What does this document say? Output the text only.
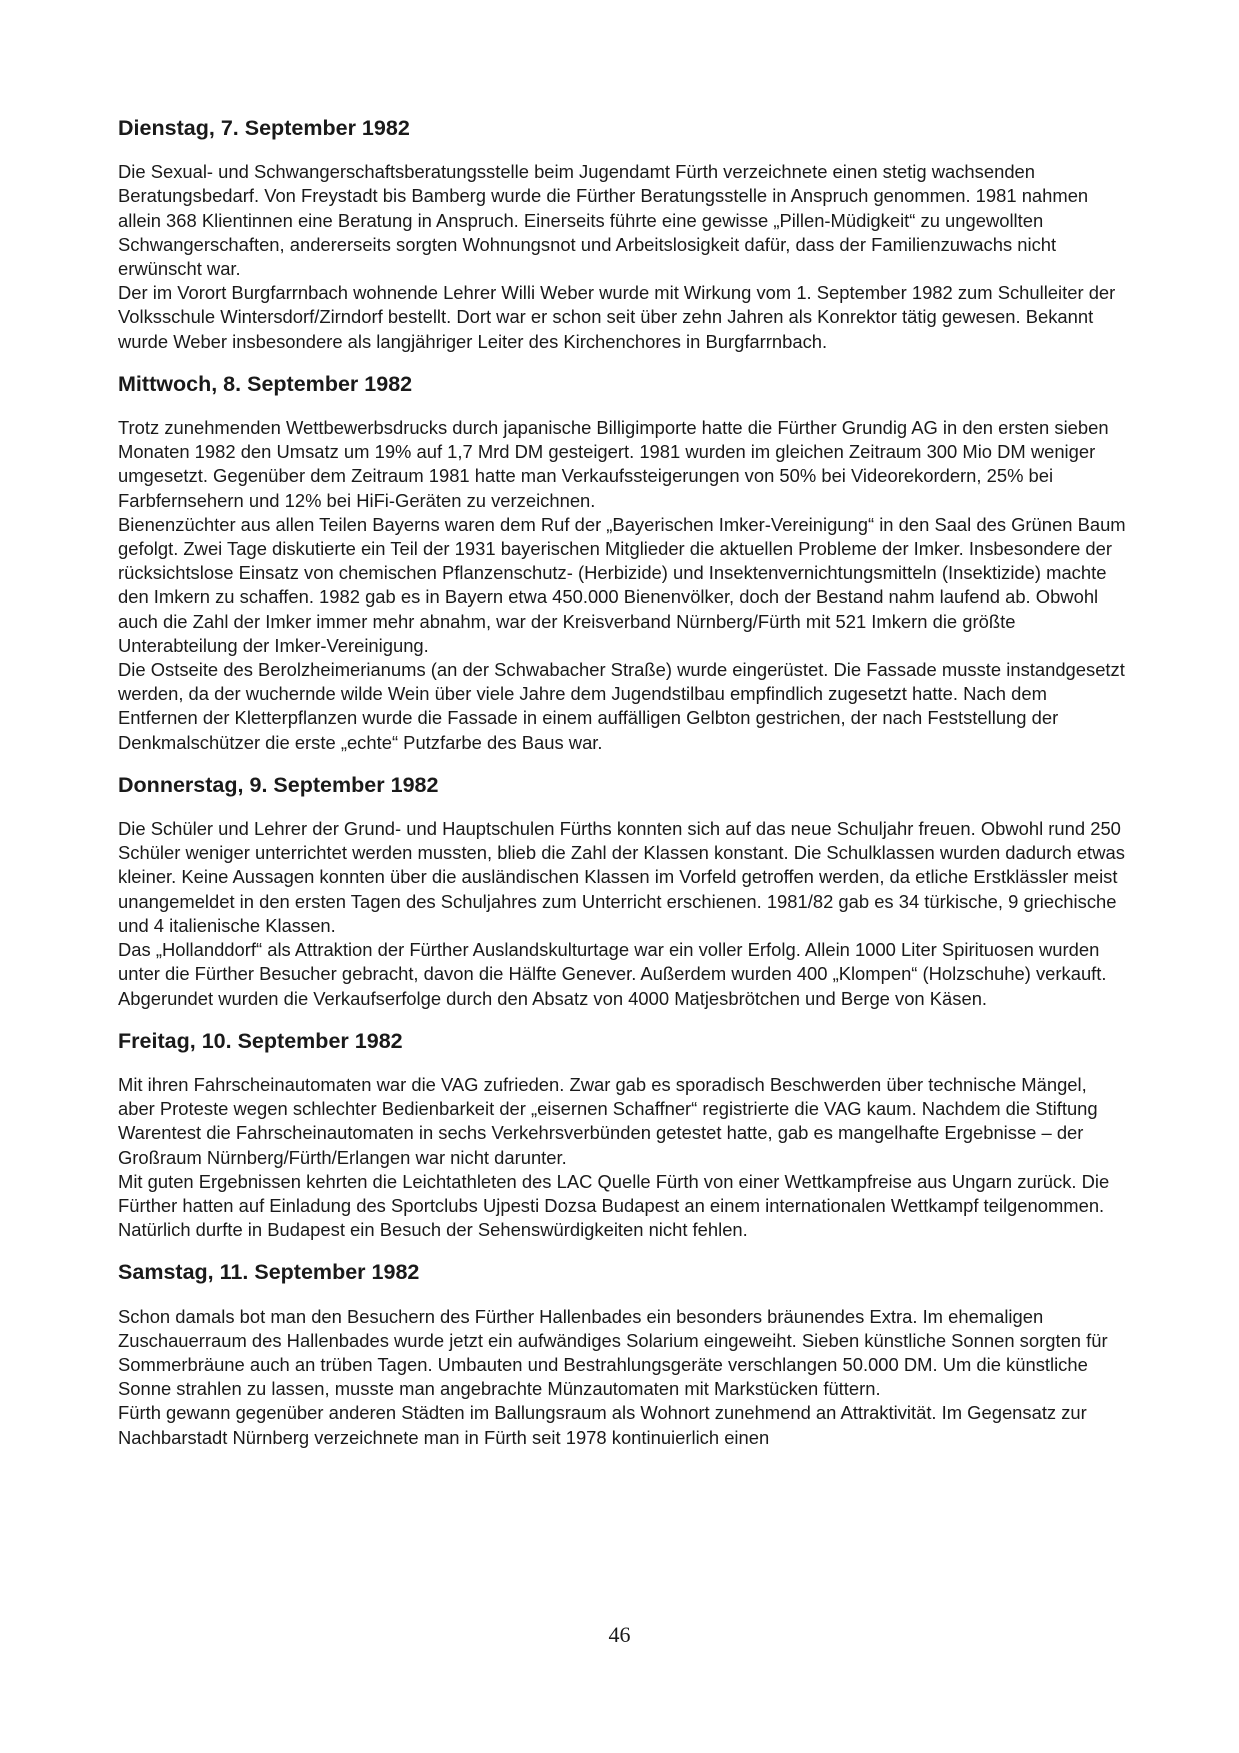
Dienstag, 7. September 1982

Die Sexual- und Schwangerschaftsberatungsstelle beim Jugendamt Fürth verzeichnete einen stetig wachsenden Beratungsbedarf. Von Freystadt bis Bamberg wurde die Fürther Beratungsstelle in Anspruch genommen. 1981 nahmen allein 368 Klientinnen eine Beratung in Anspruch. Einerseits führte eine gewisse „Pillen-Müdigkeit“ zu ungewollten Schwangerschaften, andererseits sorgten Wohnungsnot und Arbeitslosigkeit dafür, dass der Familienzuwachs nicht erwünscht war.

Der im Vorort Burgfarrnbach wohnende Lehrer Willi Weber wurde mit Wirkung vom 1. September 1982 zum Schulleiter der Volksschule Wintersdorf/Zirndorf bestellt. Dort war er schon seit über zehn Jahren als Konrektor tätig gewesen. Bekannt wurde Weber insbesondere als langjähriger Leiter des Kirchenchores in Burgfarrnbach.

Mittwoch, 8. September 1982

Trotz zunehmenden Wettbewerbsdrucks durch japanische Billigimporte hatte die Fürther Grundig AG in den ersten sieben Monaten 1982 den Umsatz um 19% auf 1,7 Mrd DM gesteigert. 1981 wurden im gleichen Zeitraum 300 Mio DM weniger umgesetzt. Gegenüber dem Zeitraum 1981 hatte man Verkaufssteigerungen von 50% bei Videorekordern, 25% bei Farbfernsehern und 12% bei HiFi-Geräten zu verzeichnen.

Bienenzüchter aus allen Teilen Bayerns waren dem Ruf der „Bayerischen Imker-Vereinigung“ in den Saal des Grünen Baum gefolgt. Zwei Tage diskutierte ein Teil der 1931 bayerischen Mitglieder die aktuellen Probleme der Imker. Insbesondere der rücksichtslose Einsatz von chemischen Pflanzenschutz- (Herbizide) und Insektenvernichtungsmitteln (Insektizide) machte den Imkern zu schaffen. 1982 gab es in Bayern etwa 450.000 Bienenvölker, doch der Bestand nahm laufend ab. Obwohl auch die Zahl der Imker immer mehr abnahm, war der Kreisverband Nürnberg/Fürth mit 521 Imkern die größte Unterabteilung der Imker-Vereinigung.

Die Ostseite des Berolzheimerianums (an der Schwabacher Straße) wurde eingerüstet. Die Fassade musste instandgesetzt werden, da der wuchernde wilde Wein über viele Jahre dem Jugendstilbau empfindlich zugesetzt hatte. Nach dem Entfernen der Kletterpflanzen wurde die Fassade in einem auffälligen Gelbton gestrichen, der nach Feststellung der Denkmalschützer die erste „echte“ Putzfarbe des Baus war.

Donnerstag, 9. September 1982

Die Schüler und Lehrer der Grund- und Hauptschulen Fürths konnten sich auf das neue Schuljahr freuen. Obwohl rund 250 Schüler weniger unterrichtet werden mussten, blieb die Zahl der Klassen konstant. Die Schulklassen wurden dadurch etwas kleiner. Keine Aussagen konnten über die ausländischen Klassen im Vorfeld getroffen werden, da etliche Erstklässler meist unangemeldet in den ersten Tagen des Schuljahres zum Unterricht erschienen. 1981/82 gab es 34 türkische, 9 griechische und 4 italienische Klassen.

Das „Hollanddorf“ als Attraktion der Fürther Auslandskulturtage war ein voller Erfolg. Allein 1000 Liter Spirituosen wurden unter die Fürther Besucher gebracht, davon die Hälfte Genever. Außerdem wurden 400 „Klompen“ (Holzschuhe) verkauft. Abgerundet wurden die Verkaufserfolge durch den Absatz von 4000 Matjesbrötchen und Berge von Käsen.

Freitag, 10. September 1982

Mit ihren Fahrscheinautomaten war die VAG zufrieden. Zwar gab es sporadisch Beschwerden über technische Mängel, aber Proteste wegen schlechter Bedienbarkeit der „eisernen Schaffner“ registrierte die VAG kaum. Nachdem die Stiftung Warentest die Fahrscheinautomaten in sechs Verkehrsverbünden getestet hatte, gab es mangelhafte Ergebnisse – der Großraum Nürnberg/Fürth/Erlangen war nicht darunter.

Mit guten Ergebnissen kehrten die Leichtathleten des LAC Quelle Fürth von einer Wettkampfreise aus Ungarn zurück. Die Fürther hatten auf Einladung des Sportclubs Ujpesti Dozsa Budapest an einem internationalen Wettkampf teilgenommen. Natürlich durfte in Budapest ein Besuch der Sehenswürdigkeiten nicht fehlen.

Samstag, 11. September 1982

Schon damals bot man den Besuchern des Fürther Hallenbades ein besonders bräunendes Extra. Im ehemaligen Zuschauerraum des Hallenbades wurde jetzt ein aufwändiges Solarium eingeweiht. Sieben künstliche Sonnen sorgten für Sommerbräune auch an trüben Tagen. Umbauten und Bestrahlungsgeräte verschlangen 50.000 DM. Um die künstliche Sonne strahlen zu lassen, musste man angebrachte Münzautomaten mit Markstücken füttern.

Fürth gewann gegenüber anderen Städten im Ballungsraum als Wohnort zunehmend an Attraktivität. Im Gegensatz zur Nachbarstadt Nürnberg verzeichnete man in Fürth seit 1978 kontinuierlich einen

46
